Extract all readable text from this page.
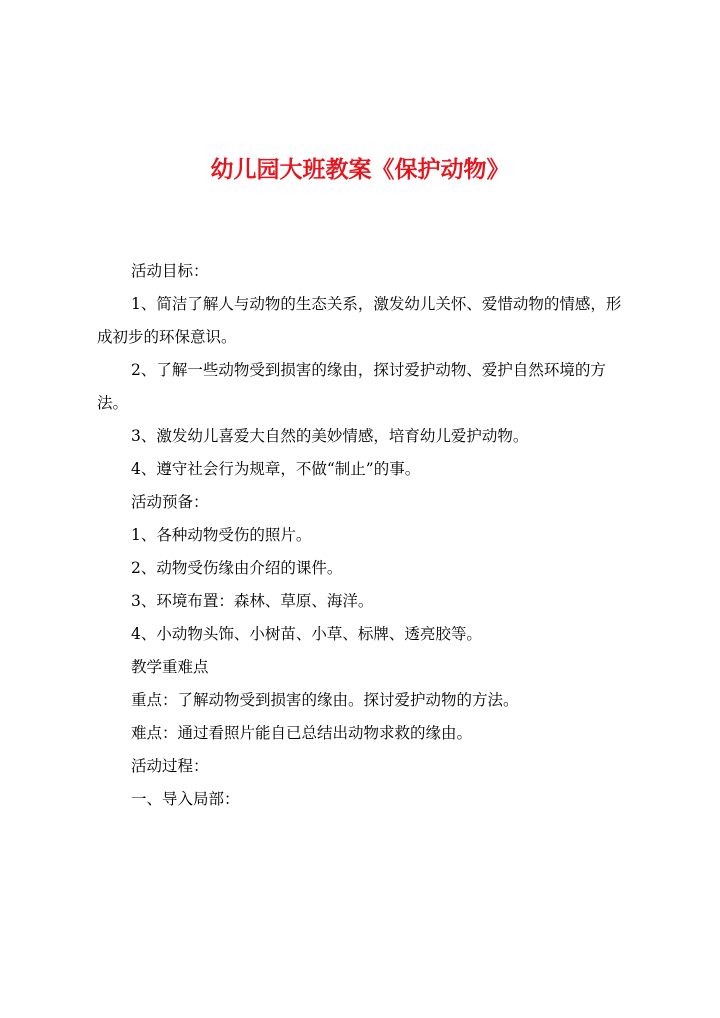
幼儿园大班教案《保护动物》

活动目标：

1、简洁了解人与动物的生态关系，激发幼儿关怀、爱惜动物的情感，形成初步的环保意识。

2、了解一些动物受到损害的缘由，探讨爱护动物、爱护自然环境的方法。

3、激发幼儿喜爱大自然的美妙情感，培育幼儿爱护动物。

4、遵守社会行为规章，不做“制止”的事。

活动预备：

1、各种动物受伤的照片。

2、动物受伤缘由介绍的课件。

3、环境布置：森林、草原、海洋。

4、小动物头饰、小树苗、小草、标牌、透亮胶等。

教学重难点

重点：了解动物受到损害的缘由。探讨爱护动物的方法。

难点：通过看照片能自已总结出动物求救的缘由。

活动过程：

一、导入局部：
